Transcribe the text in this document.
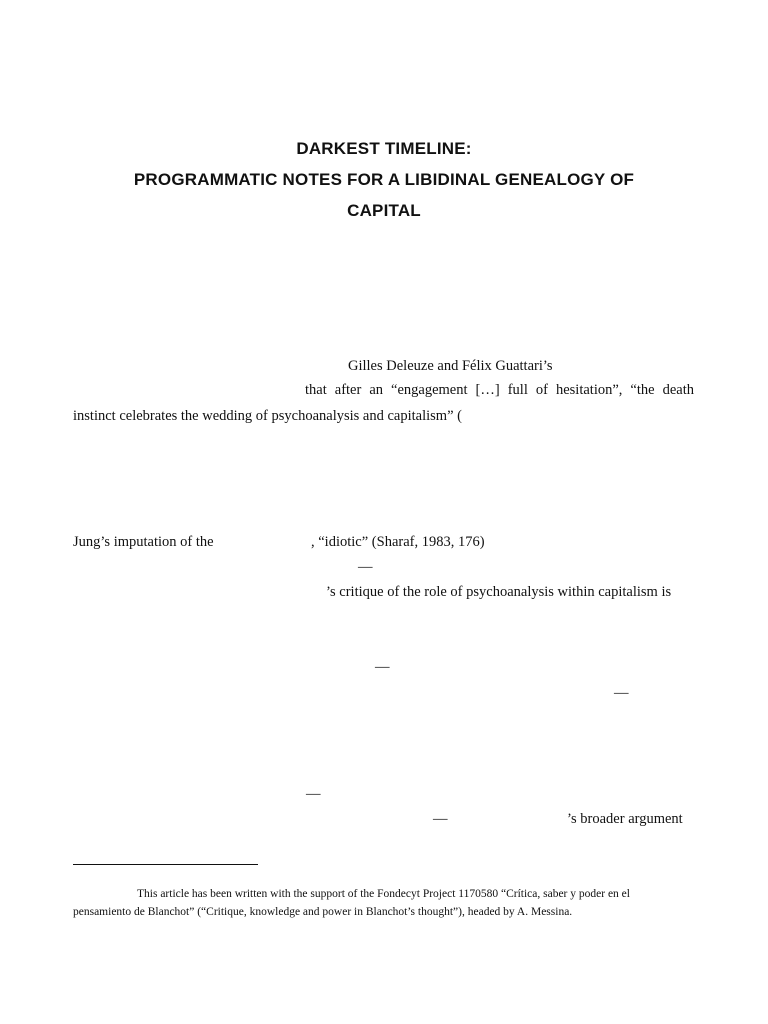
DARKEST TIMELINE:
PROGRAMMATIC NOTES FOR A LIBIDINAL GENEALOGY OF
CAPITAL
Gilles Deleuze and Félix Guattari’s
that after an “engagement […] full of hesitation”, “the death
instinct celebrates the wedding of psychoanalysis and capitalism” (
Jung’s imputation of the	, “idiotic” (Sharaf, 1983, 176)
—
’s critique of the role of psychoanalysis within capitalism is
—
—
—
—	’s broader argument
This article has been written with the support of the Fondecyt Project 1170580 “Crítica, saber y poder en el
pensamiento de Blanchot” (“Critique, knowledge and power in Blanchot’s thought”), headed by A. Messina.
